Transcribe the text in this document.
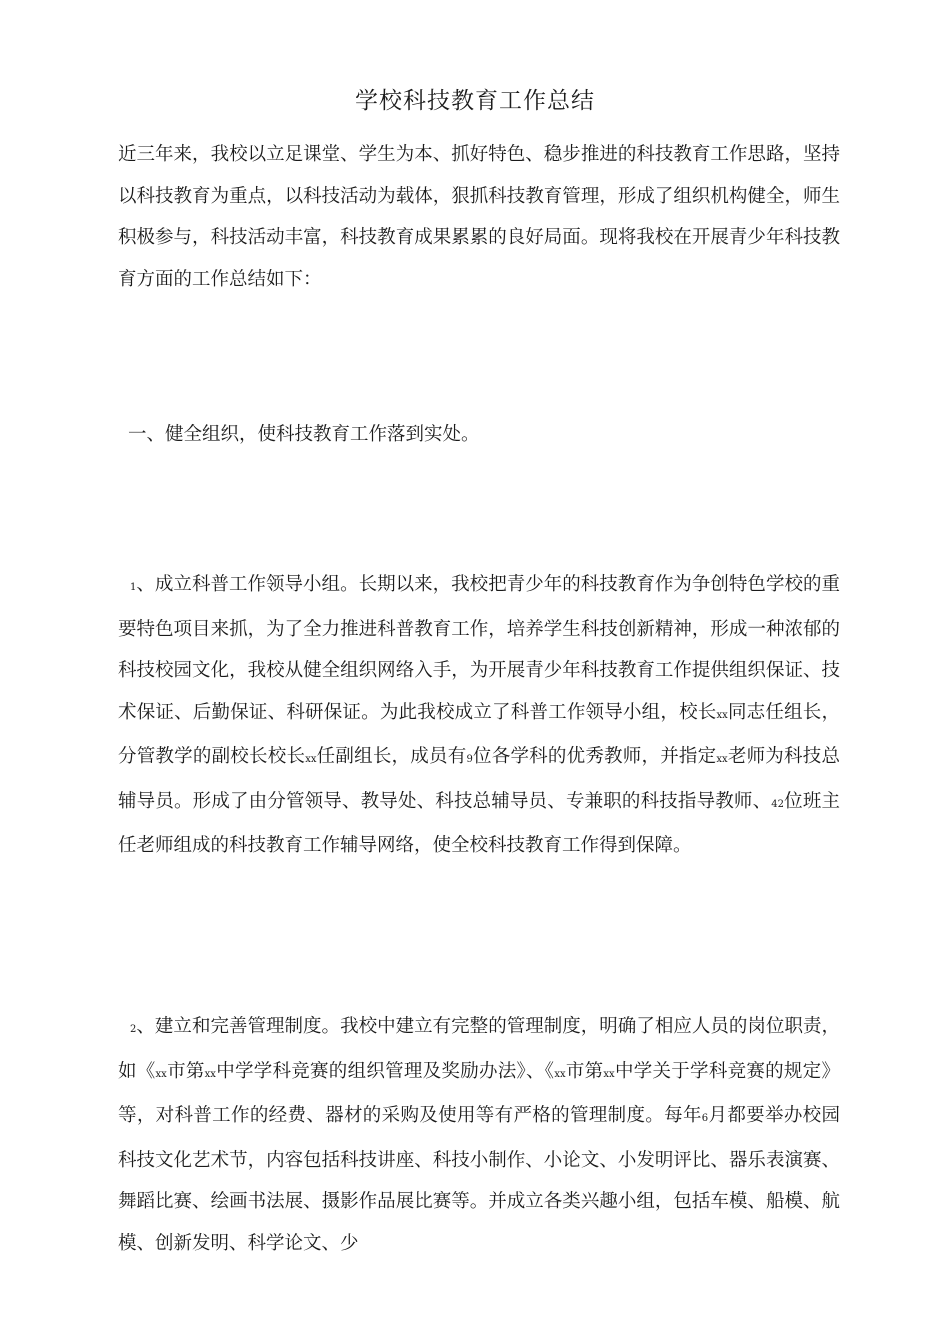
学校科技教育工作总结

近三年来，我校以立足课堂、学生为本、抓好特色、稳步推进的科技教育工作思路，坚持以科技教育为重点，以科技活动为载体，狠抓科技教育管理，形成了组织机构健全，师生积极参与，科技活动丰富，科技教育成果累累的良好局面。现将我校在开展青少年科技教育方面的工作总结如下：

一、健全组织，使科技教育工作落到实处。

1、成立科普工作领导小组。长期以来，我校把青少年的科技教育作为争创特色学校的重要特色项目来抓，为了全力推进科普教育工作，培养学生科技创新精神，形成一种浓郁的科技校园文化，我校从健全组织网络入手，为开展青少年科技教育工作提供组织保证、技术保证、后勤保证、科研保证。为此我校成立了科普工作领导小组，校长xx同志任组长，分管教学的副校长校长xx任副组长，成员有9位各学科的优秀教师，并指定xx老师为科技总辅导员。形成了由分管领导、教导处、科技总辅导员、专兼职的科技指导教师、42位班主任老师组成的科技教育工作辅导网络，使全校科技教育工作得到保障。

2、建立和完善管理制度。我校中建立有完整的管理制度，明确了相应人员的岗位职责，如《xx市第xx中学学科竞赛的组织管理及奖励办法》、《xx市第xx中学关于学科竞赛的规定》等，对科普工作的经费、器材的采购及使用等有严格的管理制度。每年6月都要举办校园科技文化艺术节，内容包括科技讲座、科技小制作、小论文、小发明评比、器乐表演赛、舞蹈比赛、绘画书法展、摄影作品展比赛等。并成立各类兴趣小组，包括车模、船模、航模、创新发明、科学论文、少
